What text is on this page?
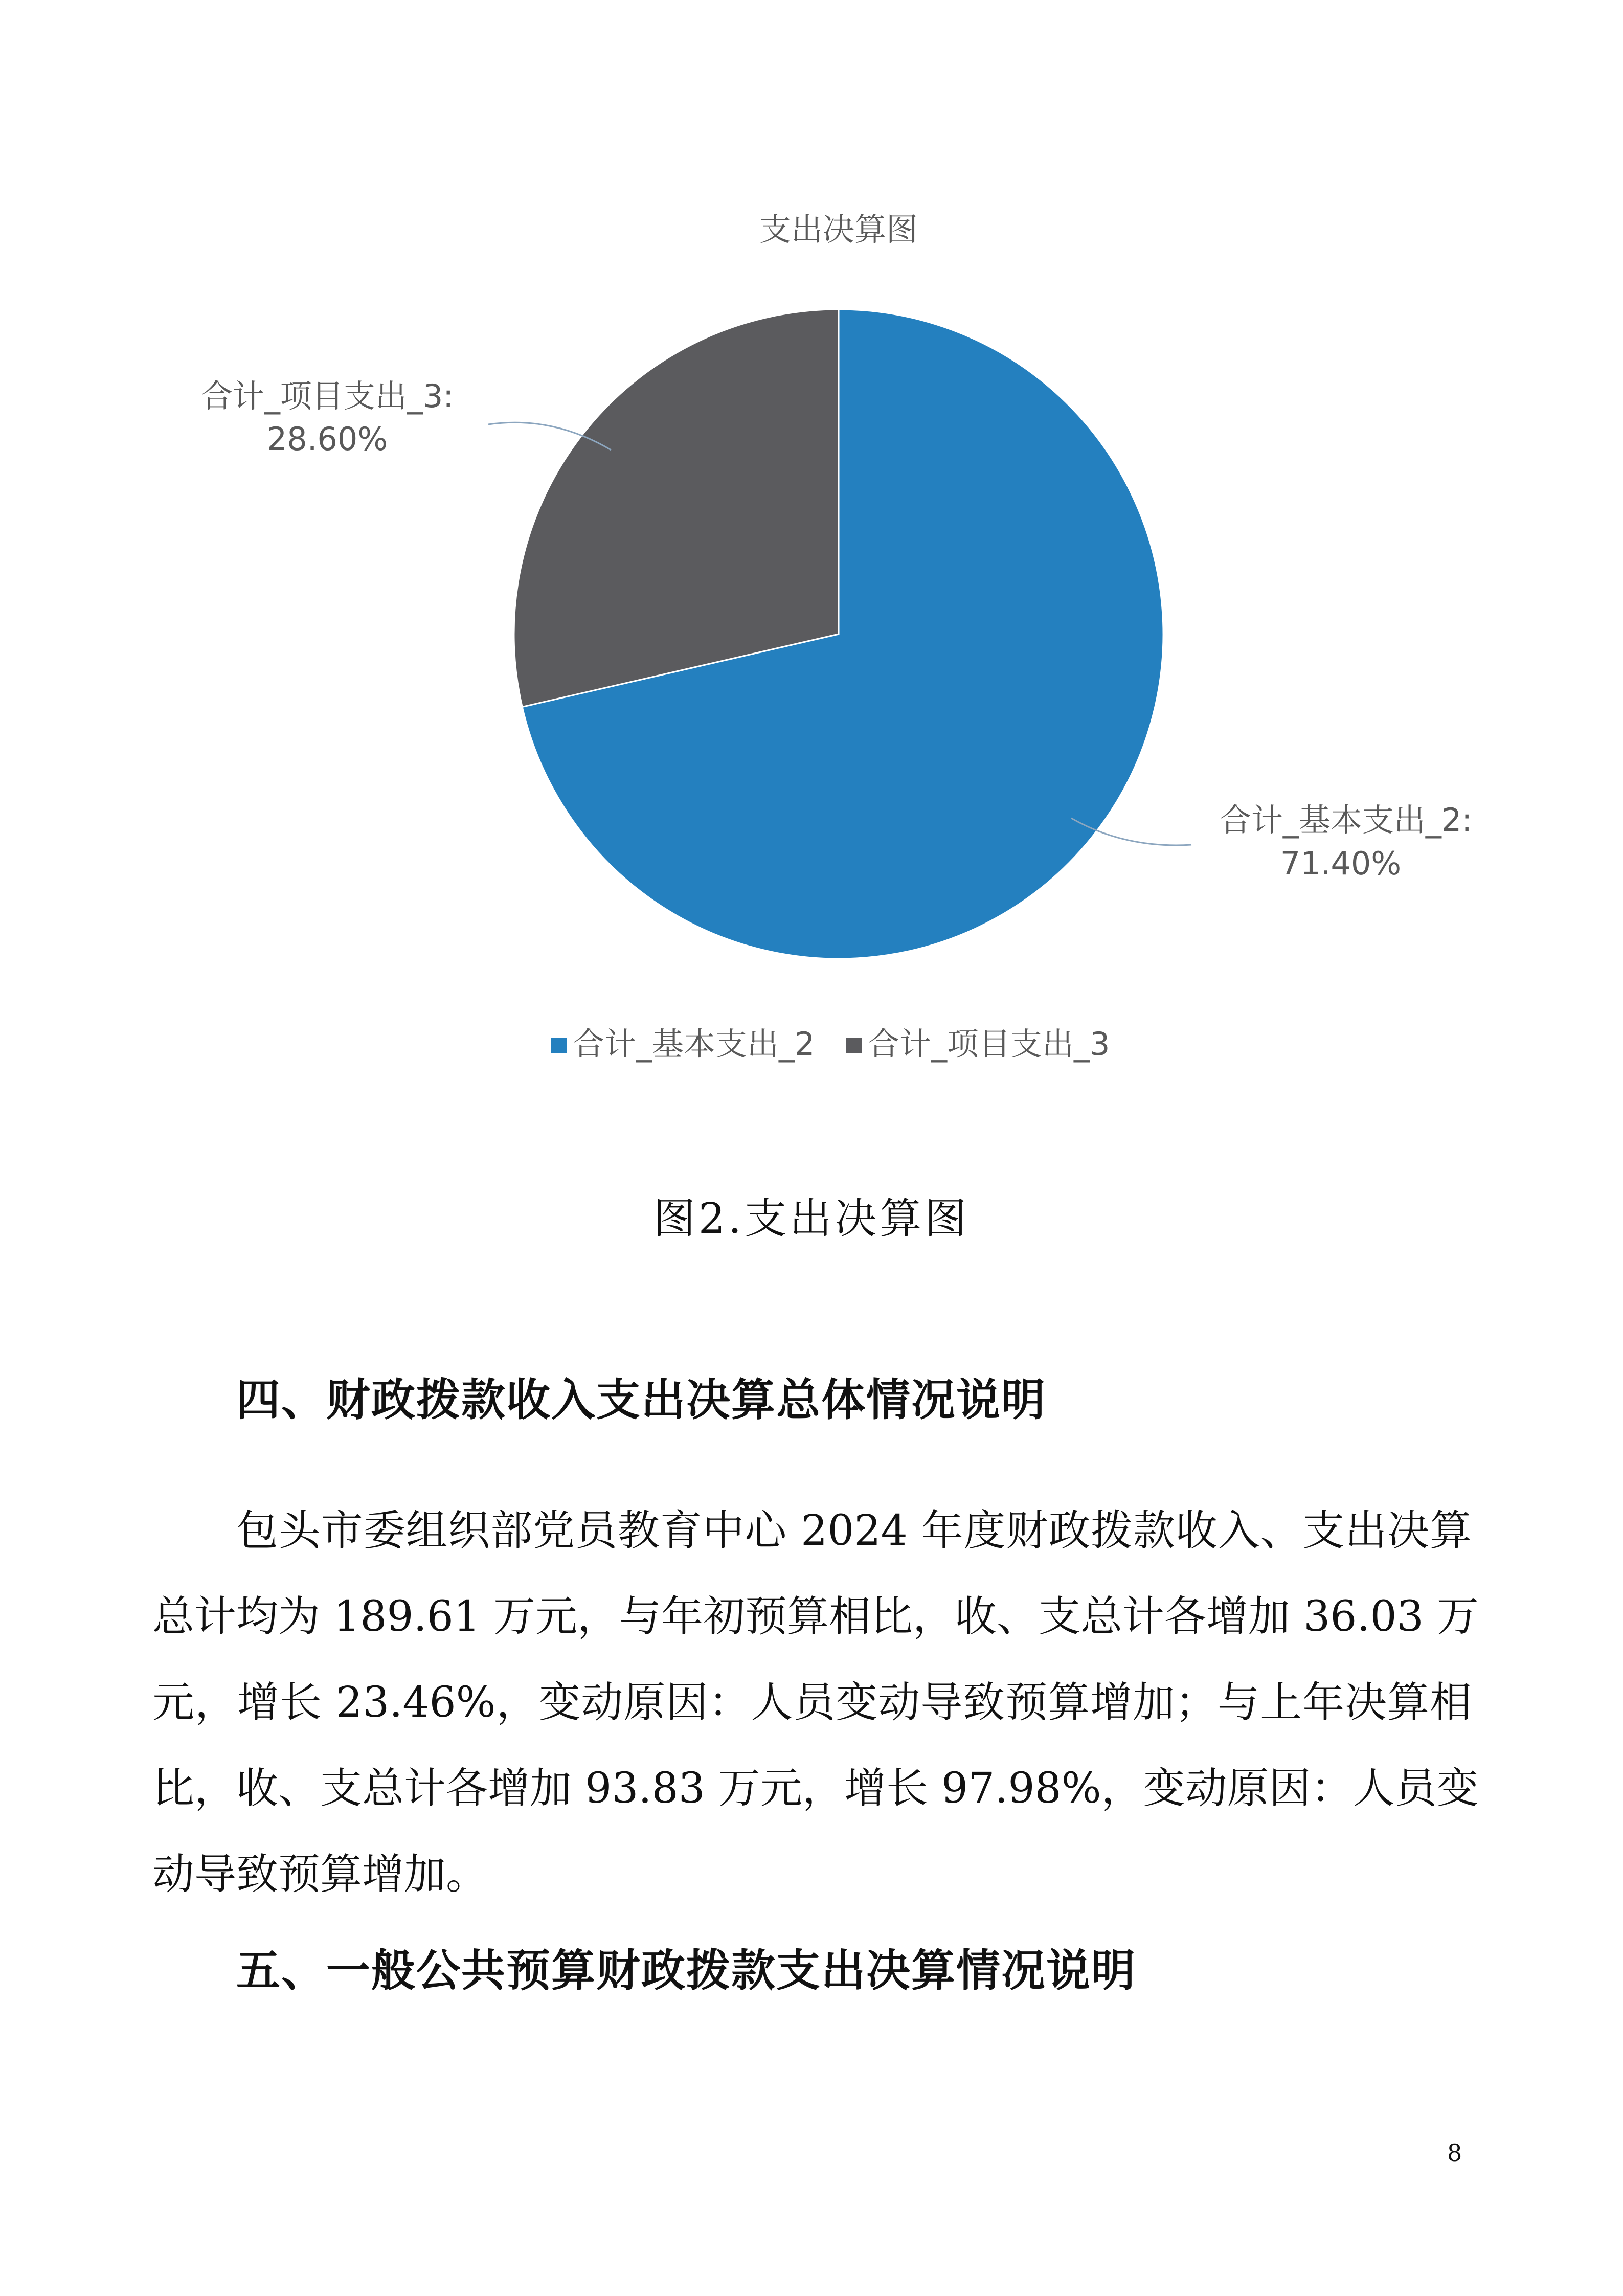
支出决算图
合计_项目支出_3:
28.60%
合计_基本支出_2:
71.40%
合计_基本支出_2 合计_项目支出_3
图2.支出决算图
四、财政拨款收入支出决算总体情况说明
包头市委组织部党员教育中心 2024 年度财政拨款收入、支出决算
总计均为 189.61 万元，与年初预算相比，收、支总计各增加 36.03 万
元，增长 23.46%，变动原因：人员变动导致预算增加；与上年决算相
比，收、支总计各增加 93.83 万元，增长 97.98%，变动原因：人员变
动导致预算增加。
五、一般公共预算财政拨款支出决算情况说明
8
